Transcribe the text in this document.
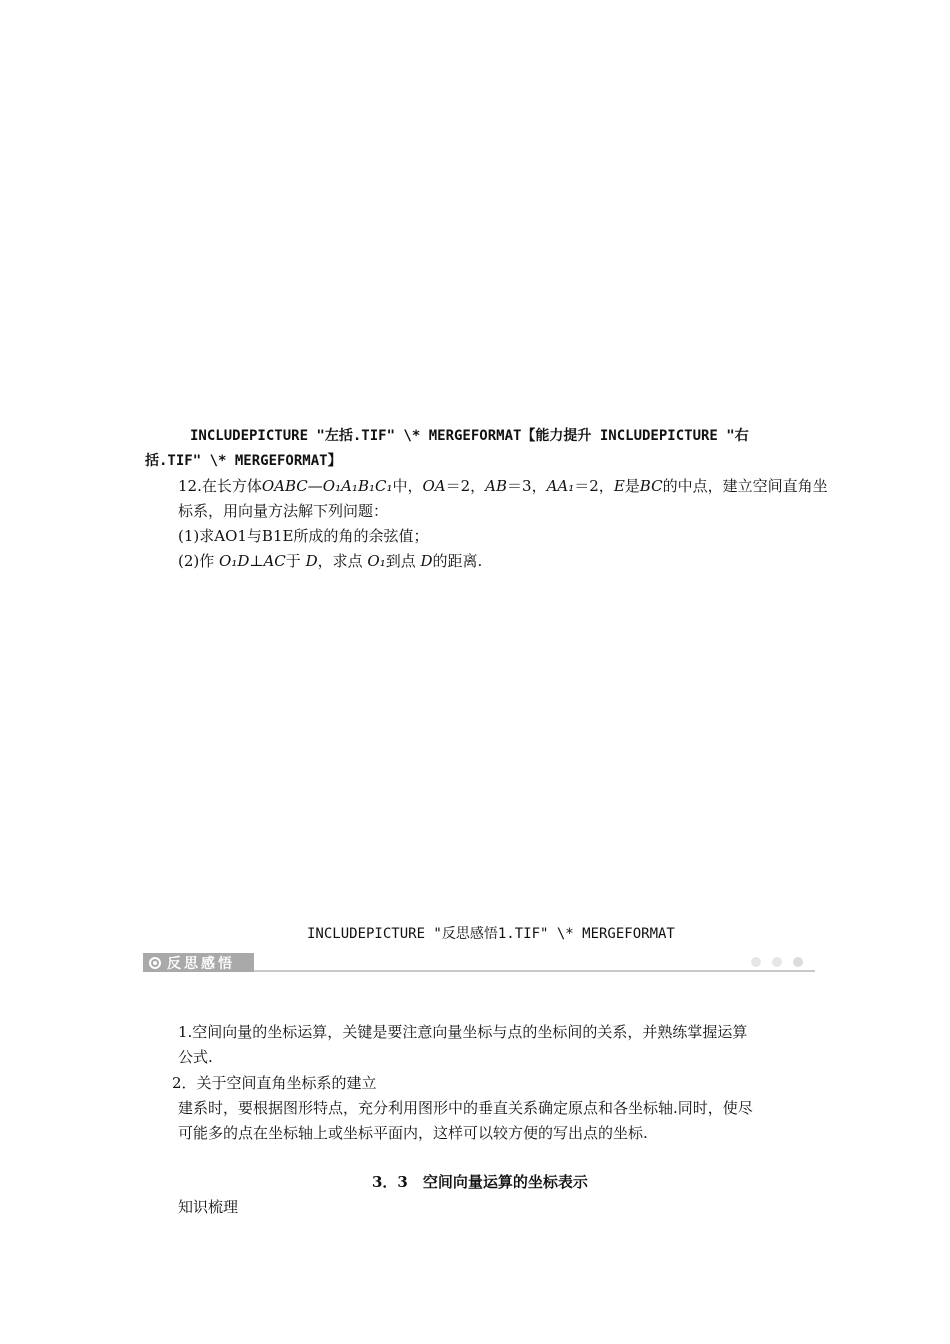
INCLUDEPICTURE "左括.TIF" \* MERGEFORMAT【能力提升 INCLUDEPICTURE "右
括.TIF" \* MERGEFORMAT】
12.在长方体OABC—O₁A₁B₁C₁中，OA＝2，AB＝3，AA₁＝2，E是BC的中点，建立空间直角坐
标系，用向量方法解下列问题：
(1)求AO1与B1E所成的角的余弦值；
(2)作 O₁D⊥AC于 D，求点 O₁到点 D的距离.
INCLUDEPICTURE "反思感悟1.TIF" \* MERGEFORMAT
反思感悟
1.空间向量的坐标运算，关键是要注意向量坐标与点的坐标间的关系，并熟练掌握运算
公式.
2．关于空间直角坐标系的建立
建系时，要根据图形特点，充分利用图形中的垂直关系确定原点和各坐标轴.同时，使尽
可能多的点在坐标轴上或坐标平面内，这样可以较方便的写出点的坐标.
3．3　空间向量运算的坐标表示
知识梳理
